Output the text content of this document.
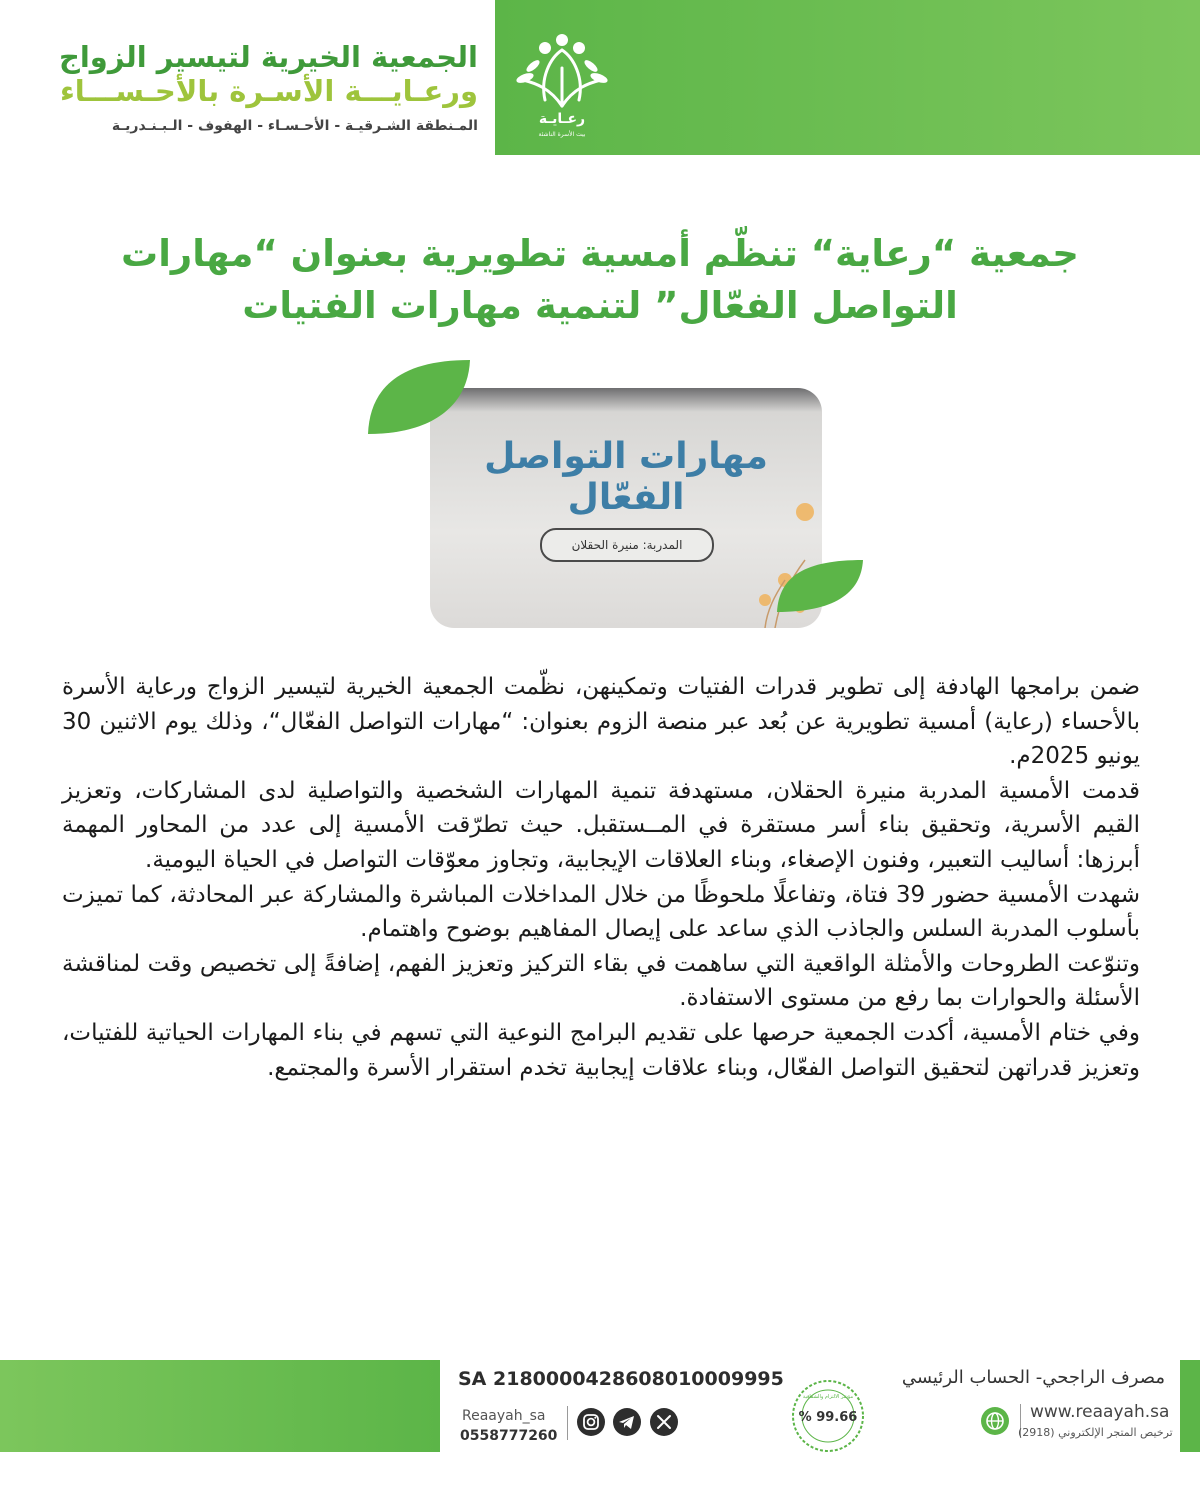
رعـايـة
بيت الأسرة الناشئة
الجمعية الخيرية لتيسير الزواج
ورعـايـــة الأسـرة بالأحـســـاء
المـنطقة الشـرقيـة - الأحـسـاء - الهفوف - الـبـنـدريـة
جمعية “رعاية“ تنظّم أمسية تطويرية بعنوان “مهارات التواصل الفعّال” لتنمية مهارات الفتيات
مهارات التواصل الفعّال
المدربة: منيرة الحقلان

ضمن برامجها الهادفة إلى تطوير قدرات الفتيات وتمكينهن، نظّمت الجمعية الخيرية لتيسير الزواج ورعاية الأسرة بالأحساء (رعاية) أمسية تطويرية عن بُعد عبر منصة الزوم بعنوان: “مهارات التواصل الفعّال“، وذلك يوم الاثنين 30 يونيو 2025م.

قدمت الأمسية المدربة منيرة الحقلان، مستهدفة تنمية المهارات الشخصية والتواصلية لدى المشاركات، وتعزيز القيم الأسرية، وتحقيق بناء أسر مستقرة في المــستقبل. حيث تطرّقت الأمسية إلى عدد من المحاور المهمة أبرزها: أساليب التعبير، وفنون الإصغاء، وبناء العلاقات الإيجابية، وتجاوز معوّقات التواصل في الحياة اليومية.

شهدت الأمسية حضور 39 فتاة، وتفاعلًا ملحوظًا من خلال المداخلات المباشرة والمشاركة عبر المحادثة، كما تميزت بأسلوب المدربة السلس والجاذب الذي ساعد على إيصال المفاهيم بوضوح واهتمام.

وتنوّعت الطروحات والأمثلة الواقعية التي ساهمت في بقاء التركيز وتعزيز الفهم، إضافةً إلى تخصيص وقت لمناقشة الأسئلة والحوارات بما رفع من مستوى الاستفادة.

وفي ختام الأمسية، أكدت الجمعية حرصها على تقديم البرامج النوعية التي تسهم في بناء المهارات الحياتية للفتيات، وتعزيز قدراتهن لتحقيق التواصل الفعّال، وبناء علاقات إيجابية تخدم استقرار الأسرة والمجتمع.

SA 2180000428608010009995
Reaayah_sa
0558777260
% 99.66
مؤشر الالتزام والشفافية
مصرف الراجحي- الحساب الرئيسي
www.reaayah.sa
ترخيص المتجر الإلكتروني (2918)
